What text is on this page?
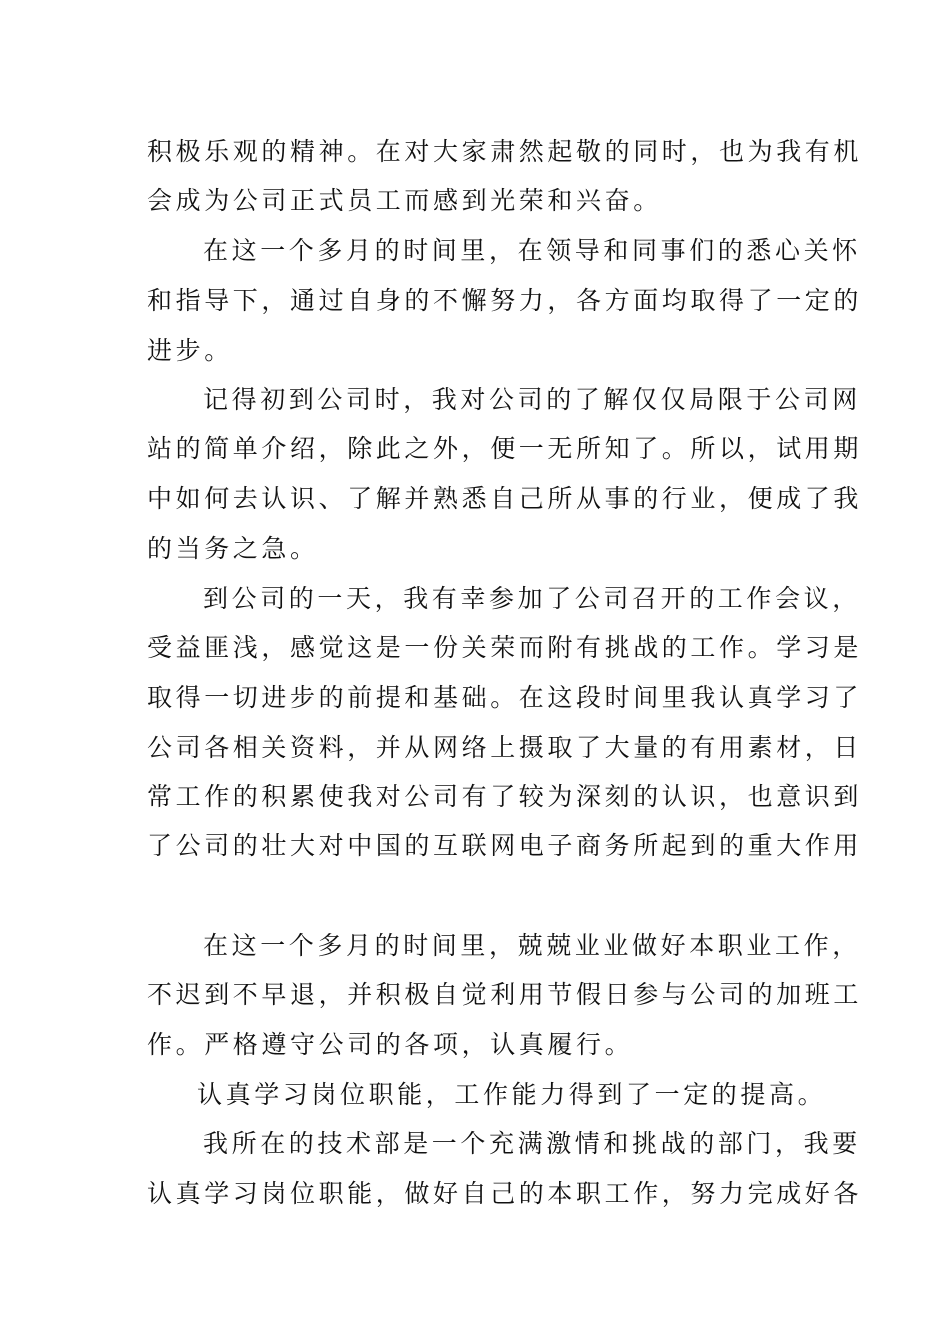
积极乐观的精神。在对大家肃然起敬的同时，也为我有机
会成为公司正式员工而感到光荣和兴奋。
在这一个多月的时间里，在领导和同事们的悉心关怀
和指导下，通过自身的不懈努力，各方面均取得了一定的
进步。
记得初到公司时，我对公司的了解仅仅局限于公司网
站的简单介绍，除此之外，便一无所知了。所以，试用期
中如何去认识、了解并熟悉自己所从事的行业，便成了我
的当务之急。
到公司的一天，我有幸参加了公司召开的工作会议，
受益匪浅，感觉这是一份关荣而附有挑战的工作。学习是
取得一切进步的前提和基础。在这段时间里我认真学习了
公司各相关资料，并从网络上摄取了大量的有用素材，日
常工作的积累使我对公司有了较为深刻的认识，也意识到
了公司的壮大对中国的互联网电子商务所起到的重大作用
在这一个多月的时间里，兢兢业业做好本职业工作，
不迟到不早退，并积极自觉利用节假日参与公司的加班工
作。严格遵守公司的各项，认真履行。
认真学习岗位职能，工作能力得到了一定的提高。
我所在的技术部是一个充满激情和挑战的部门，我要
认真学习岗位职能，做好自己的本职工作，努力完成好各
